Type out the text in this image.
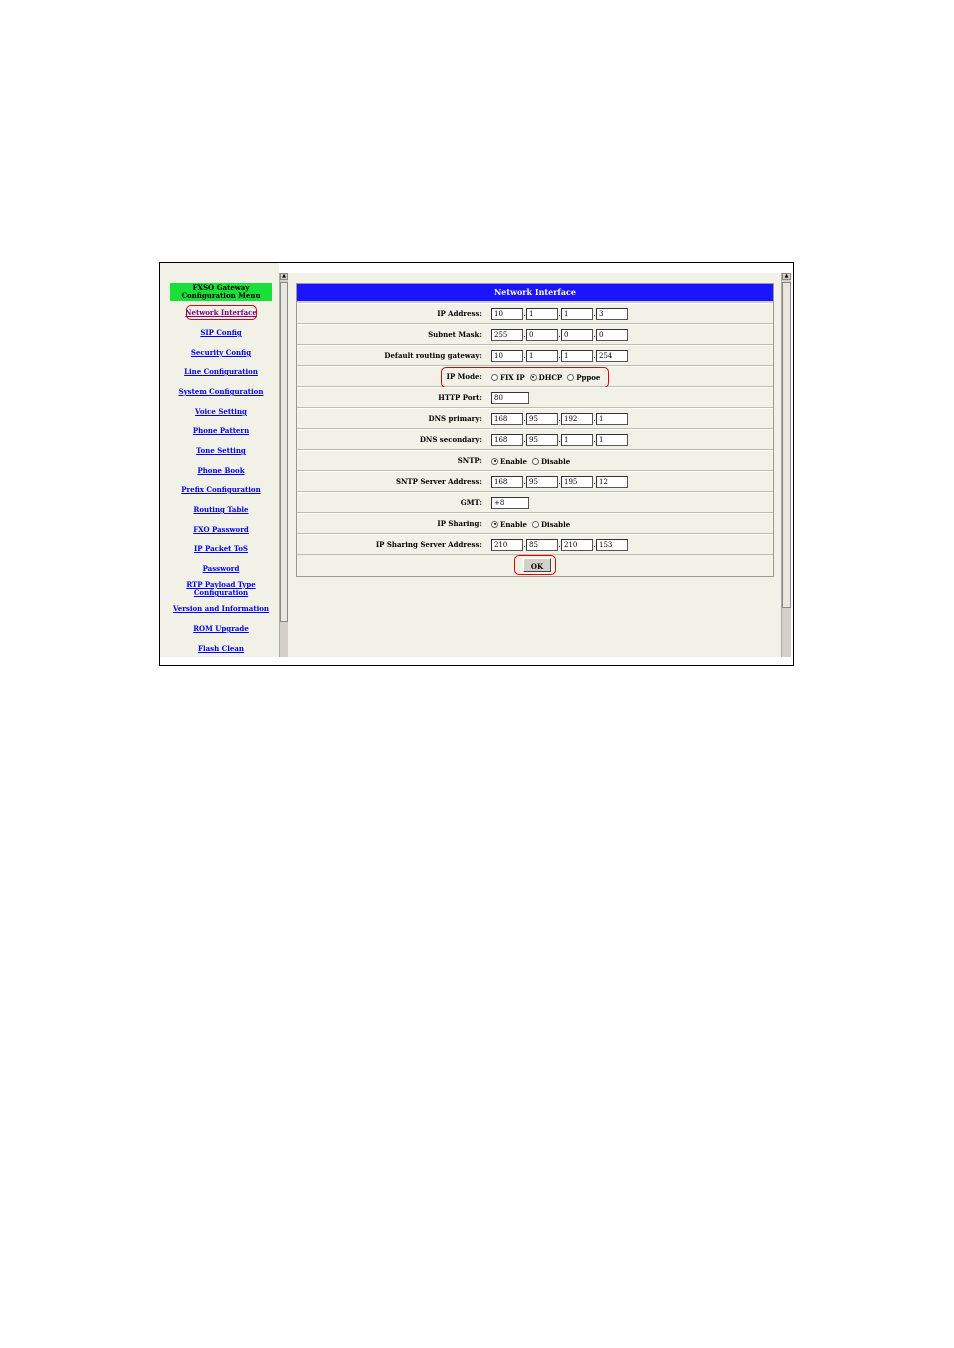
FXSO Gateway Configuration Menu
Network Interface
SIP Config
Security Config
Line Configuration
System Configuration
Voice Setting
Phone Pattern
Tone Setting
Phone Book
Prefix Configuration
Routing Table
FXO Password
IP Packet ToS
Password
RTP Payload Type Configuration
Version and Information
ROM Upgrade
Flash Clean
▲
Network Interface
IP Address:
10	.
1	.
1	.
3
Subnet Mask:
255	.
0	.
0	.
0
Default routing gateway:
10	.
1	.
1	.
254
IP Mode:	FIX IP DHCP Pppoe
HTTP Port:
80
DNS primary:
168	.
95	.
192	.
1
DNS secondary:
168	.
95	.
1	.
1
SNTP:	Enable Disable
SNTP Server Address:
168	.
95	.
195	.
12
GMT:
+8
IP Sharing:	Enable Disable
IP Sharing Server Address:
210	.
85	.
210	.
153
OK
▲
